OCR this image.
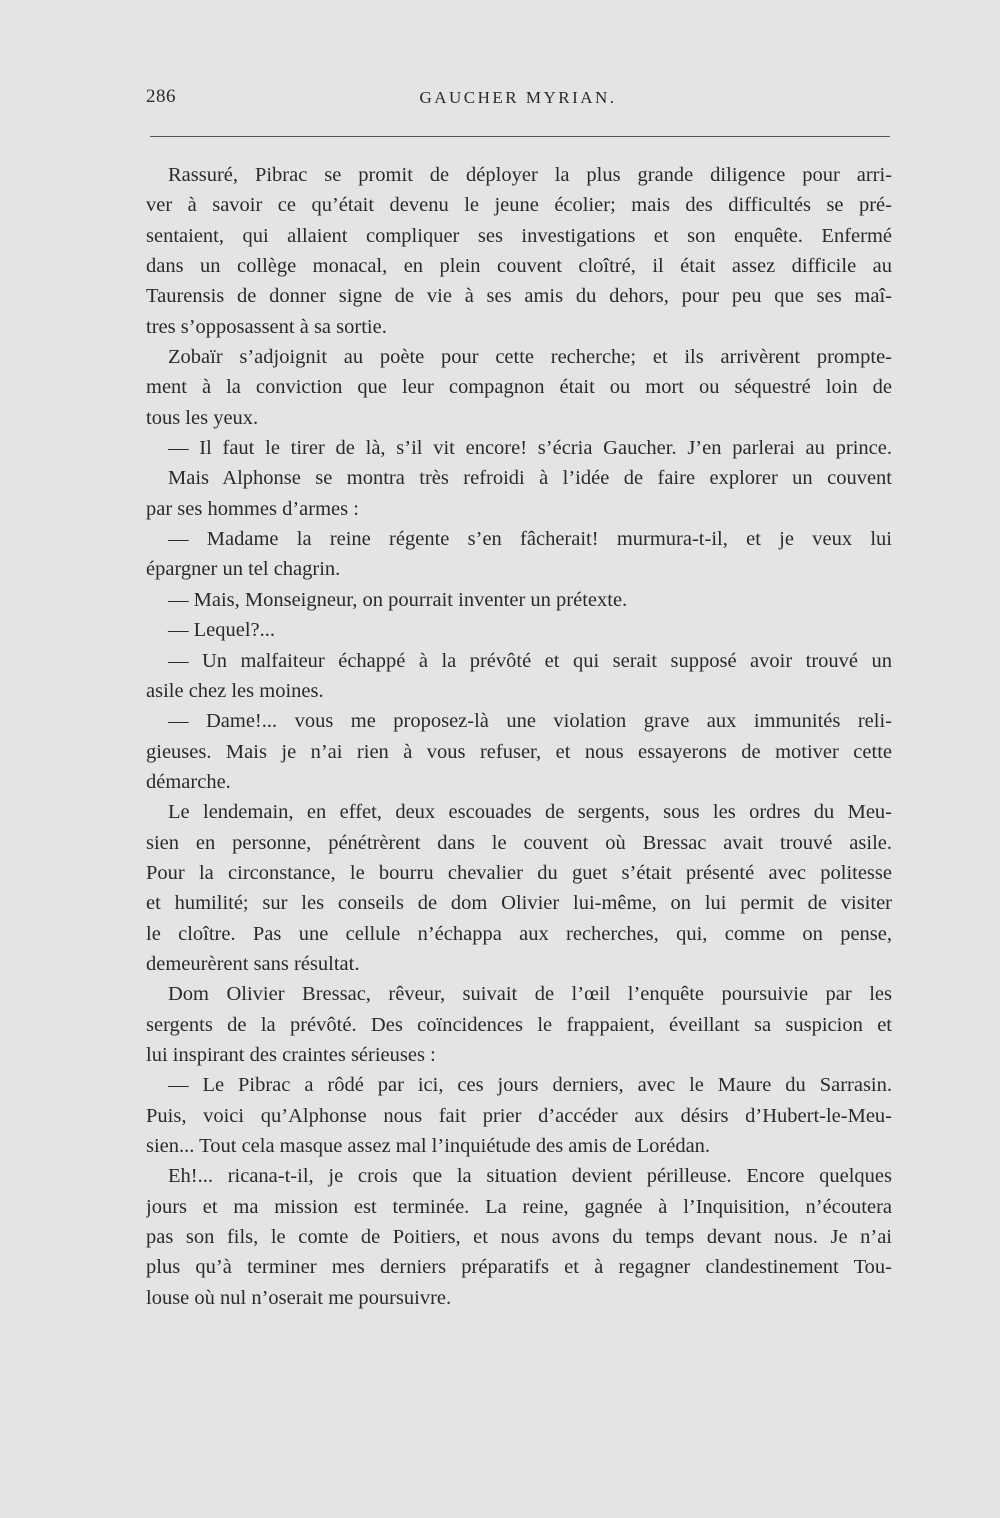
286	GAUCHER MYRIAN.
Rassuré, Pibrac se promit de déployer la plus grande diligence pour arri-
ver à savoir ce qu’était devenu le jeune écolier; mais des difficultés se pré-
sentaient, qui allaient compliquer ses investigations et son enquête. Enfermé
dans un collège monacal, en plein couvent cloîtré, il était assez difficile au
Taurensis de donner signe de vie à ses amis du dehors, pour peu que ses maî-
tres s’opposassent à sa sortie.
Zobaïr s’adjoignit au poète pour cette recherche; et ils arrivèrent prompte-
ment à la conviction que leur compagnon était ou mort ou séquestré loin de
tous les yeux.
— Il faut le tirer de là, s’il vit encore! s’écria Gaucher. J’en parlerai au prince.
Mais Alphonse se montra très refroidi à l’idée de faire explorer un couvent
par ses hommes d’armes :
— Madame la reine régente s’en fâcherait! murmura-t-il, et je veux lui
épargner un tel chagrin.
— Mais, Monseigneur, on pourrait inventer un prétexte.
— Lequel?...
— Un malfaiteur échappé à la prévôté et qui serait supposé avoir trouvé un
asile chez les moines.
— Dame!... vous me proposez-là une violation grave aux immunités reli-
gieuses. Mais je n’ai rien à vous refuser, et nous essayerons de motiver cette
démarche.
Le lendemain, en effet, deux escouades de sergents, sous les ordres du Meu-
sien en personne, pénétrèrent dans le couvent où Bressac avait trouvé asile.
Pour la circonstance, le bourru chevalier du guet s’était présenté avec politesse
et humilité; sur les conseils de dom Olivier lui-même, on lui permit de visiter
le cloître. Pas une cellule n’échappa aux recherches, qui, comme on pense,
demeurèrent sans résultat.
Dom Olivier Bressac, rêveur, suivait de l’œil l’enquête poursuivie par les
sergents de la prévôté. Des coïncidences le frappaient, éveillant sa suspicion et
lui inspirant des craintes sérieuses :
— Le Pibrac a rôdé par ici, ces jours derniers, avec le Maure du Sarrasin.
Puis, voici qu’Alphonse nous fait prier d’accéder aux désirs d’Hubert-le-Meu-
sien... Tout cela masque assez mal l’inquiétude des amis de Lorédan.
Eh!... ricana-t-il, je crois que la situation devient périlleuse. Encore quelques
jours et ma mission est terminée. La reine, gagnée à l’Inquisition, n’écoutera
pas son fils, le comte de Poitiers, et nous avons du temps devant nous. Je n’ai
plus qu’à terminer mes derniers préparatifs et à regagner clandestinement Tou-
louse où nul n’oserait me poursuivre.
